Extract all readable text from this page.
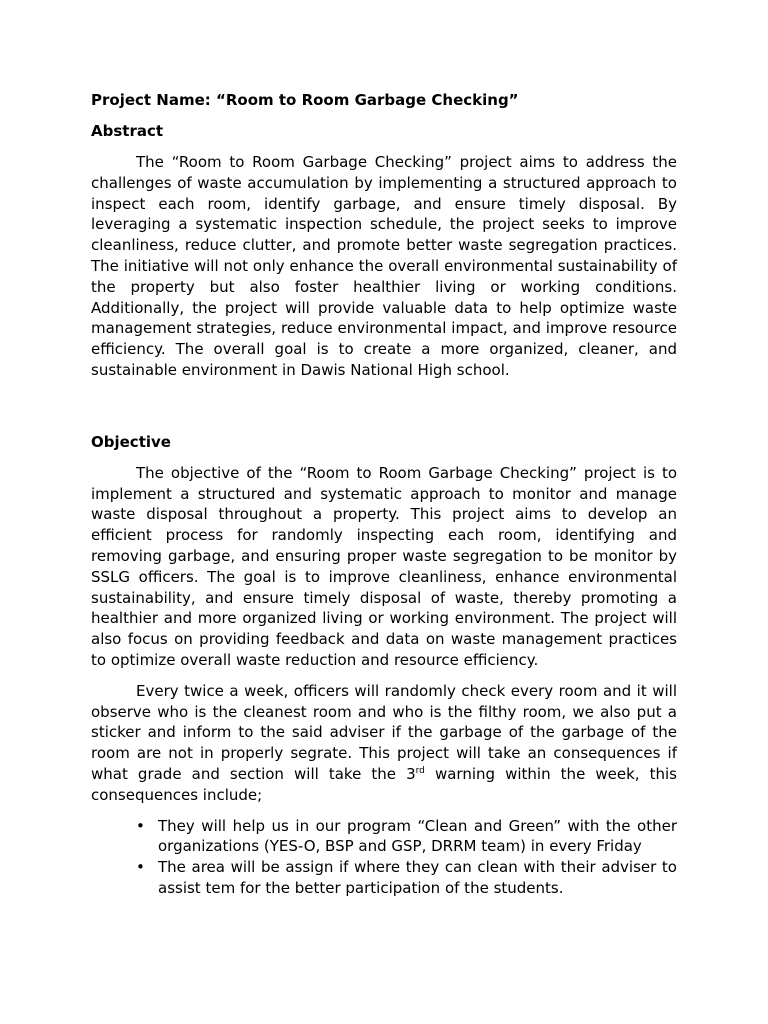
Project Name: “Room to Room Garbage Checking”

Abstract

The “Room to Room Garbage Checking” project aims to address the challenges of waste accumulation by implementing a structured approach to inspect each room, identify garbage, and ensure timely disposal. By leveraging a systematic inspection schedule, the project seeks to improve cleanliness, reduce clutter, and promote better waste segregation practices. The initiative will not only enhance the overall environmental sustainability of the property but also foster healthier living or working conditions. Additionally, the project will provide valuable data to help optimize waste management strategies, reduce environmental impact, and improve resource efficiency. The overall goal is to create a more organized, cleaner, and sustainable environment in Dawis National High school.

Objective

The objective of the “Room to Room Garbage Checking” project is to implement a structured and systematic approach to monitor and manage waste disposal throughout a property. This project aims to develop an efficient process for randomly inspecting each room, identifying and removing garbage, and ensuring proper waste segregation to be monitor by SSLG officers. The goal is to improve cleanliness, enhance environmental sustainability, and ensure timely disposal of waste, thereby promoting a healthier and more organized living or working environment. The project will also focus on providing feedback and data on waste management practices to optimize overall waste reduction and resource efficiency.

Every twice a week, officers will randomly check every room and it will observe who is the cleanest room and who is the filthy room, we also put a sticker and inform to the said adviser if the garbage of the garbage of the room are not in properly segrate. This project will take an consequences if what grade and section will take the 3rd warning within the week, this consequences include;

• They will help us in our program “Clean and Green” with the other organizations (YES-O, BSP and GSP, DRRM team) in every Friday
• The area will be assign if where they can clean with their adviser to assist tem for the better participation of the students.
